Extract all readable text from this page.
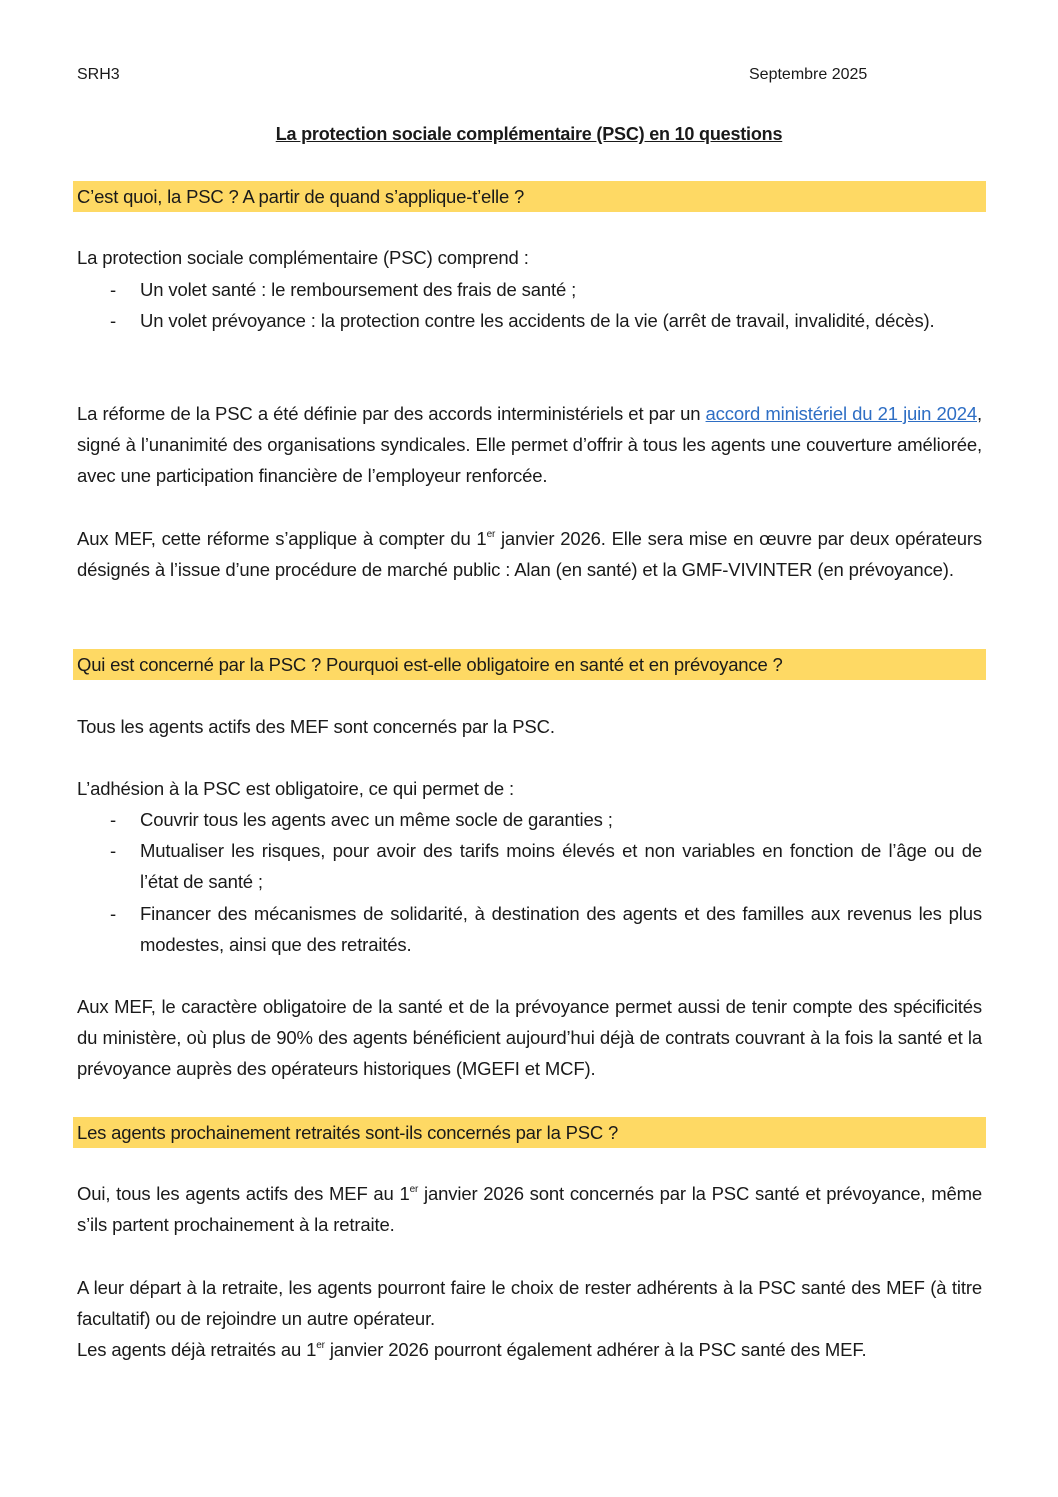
SRH3	Septembre 2025
La protection sociale complémentaire (PSC) en 10 questions
C’est quoi, la PSC ? A partir de quand s’applique-t’elle ?
La protection sociale complémentaire (PSC) comprend :
- Un volet santé : le remboursement des frais de santé ;
- Un volet prévoyance : la protection contre les accidents de la vie (arrêt de travail, invalidité, décès).
La réforme de la PSC a été définie par des accords interministériels et par un accord ministériel du 21 juin 2024, signé à l’unanimité des organisations syndicales. Elle permet d’offrir à tous les agents une couverture améliorée, avec une participation financière de l’employeur renforcée.
Aux MEF, cette réforme s’applique à compter du 1er janvier 2026. Elle sera mise en œuvre par deux opérateurs désignés à l’issue d’une procédure de marché public : Alan (en santé) et la GMF-VIVINTER (en prévoyance).
Qui est concerné par la PSC ? Pourquoi est-elle obligatoire en santé et en prévoyance ?
Tous les agents actifs des MEF sont concernés par la PSC.
L’adhésion à la PSC est obligatoire, ce qui permet de :
- Couvrir tous les agents avec un même socle de garanties ;
- Mutualiser les risques, pour avoir des tarifs moins élevés et non variables en fonction de l’âge ou de l’état de santé ;
- Financer des mécanismes de solidarité, à destination des agents et des familles aux revenus les plus modestes, ainsi que des retraités.
Aux MEF, le caractère obligatoire de la santé et de la prévoyance permet aussi de tenir compte des spécificités du ministère, où plus de 90% des agents bénéficient aujourd’hui déjà de contrats couvrant à la fois la santé et la prévoyance auprès des opérateurs historiques (MGEFI et MCF).
Les agents prochainement retraités sont-ils concernés par la PSC ?
Oui, tous les agents actifs des MEF au 1er janvier 2026 sont concernés par la PSC santé et prévoyance, même s’ils partent prochainement à la retraite.
A leur départ à la retraite, les agents pourront faire le choix de rester adhérents à la PSC santé des MEF (à titre facultatif) ou de rejoindre un autre opérateur.
Les agents déjà retraités au 1er janvier 2026 pourront également adhérer à la PSC santé des MEF.
